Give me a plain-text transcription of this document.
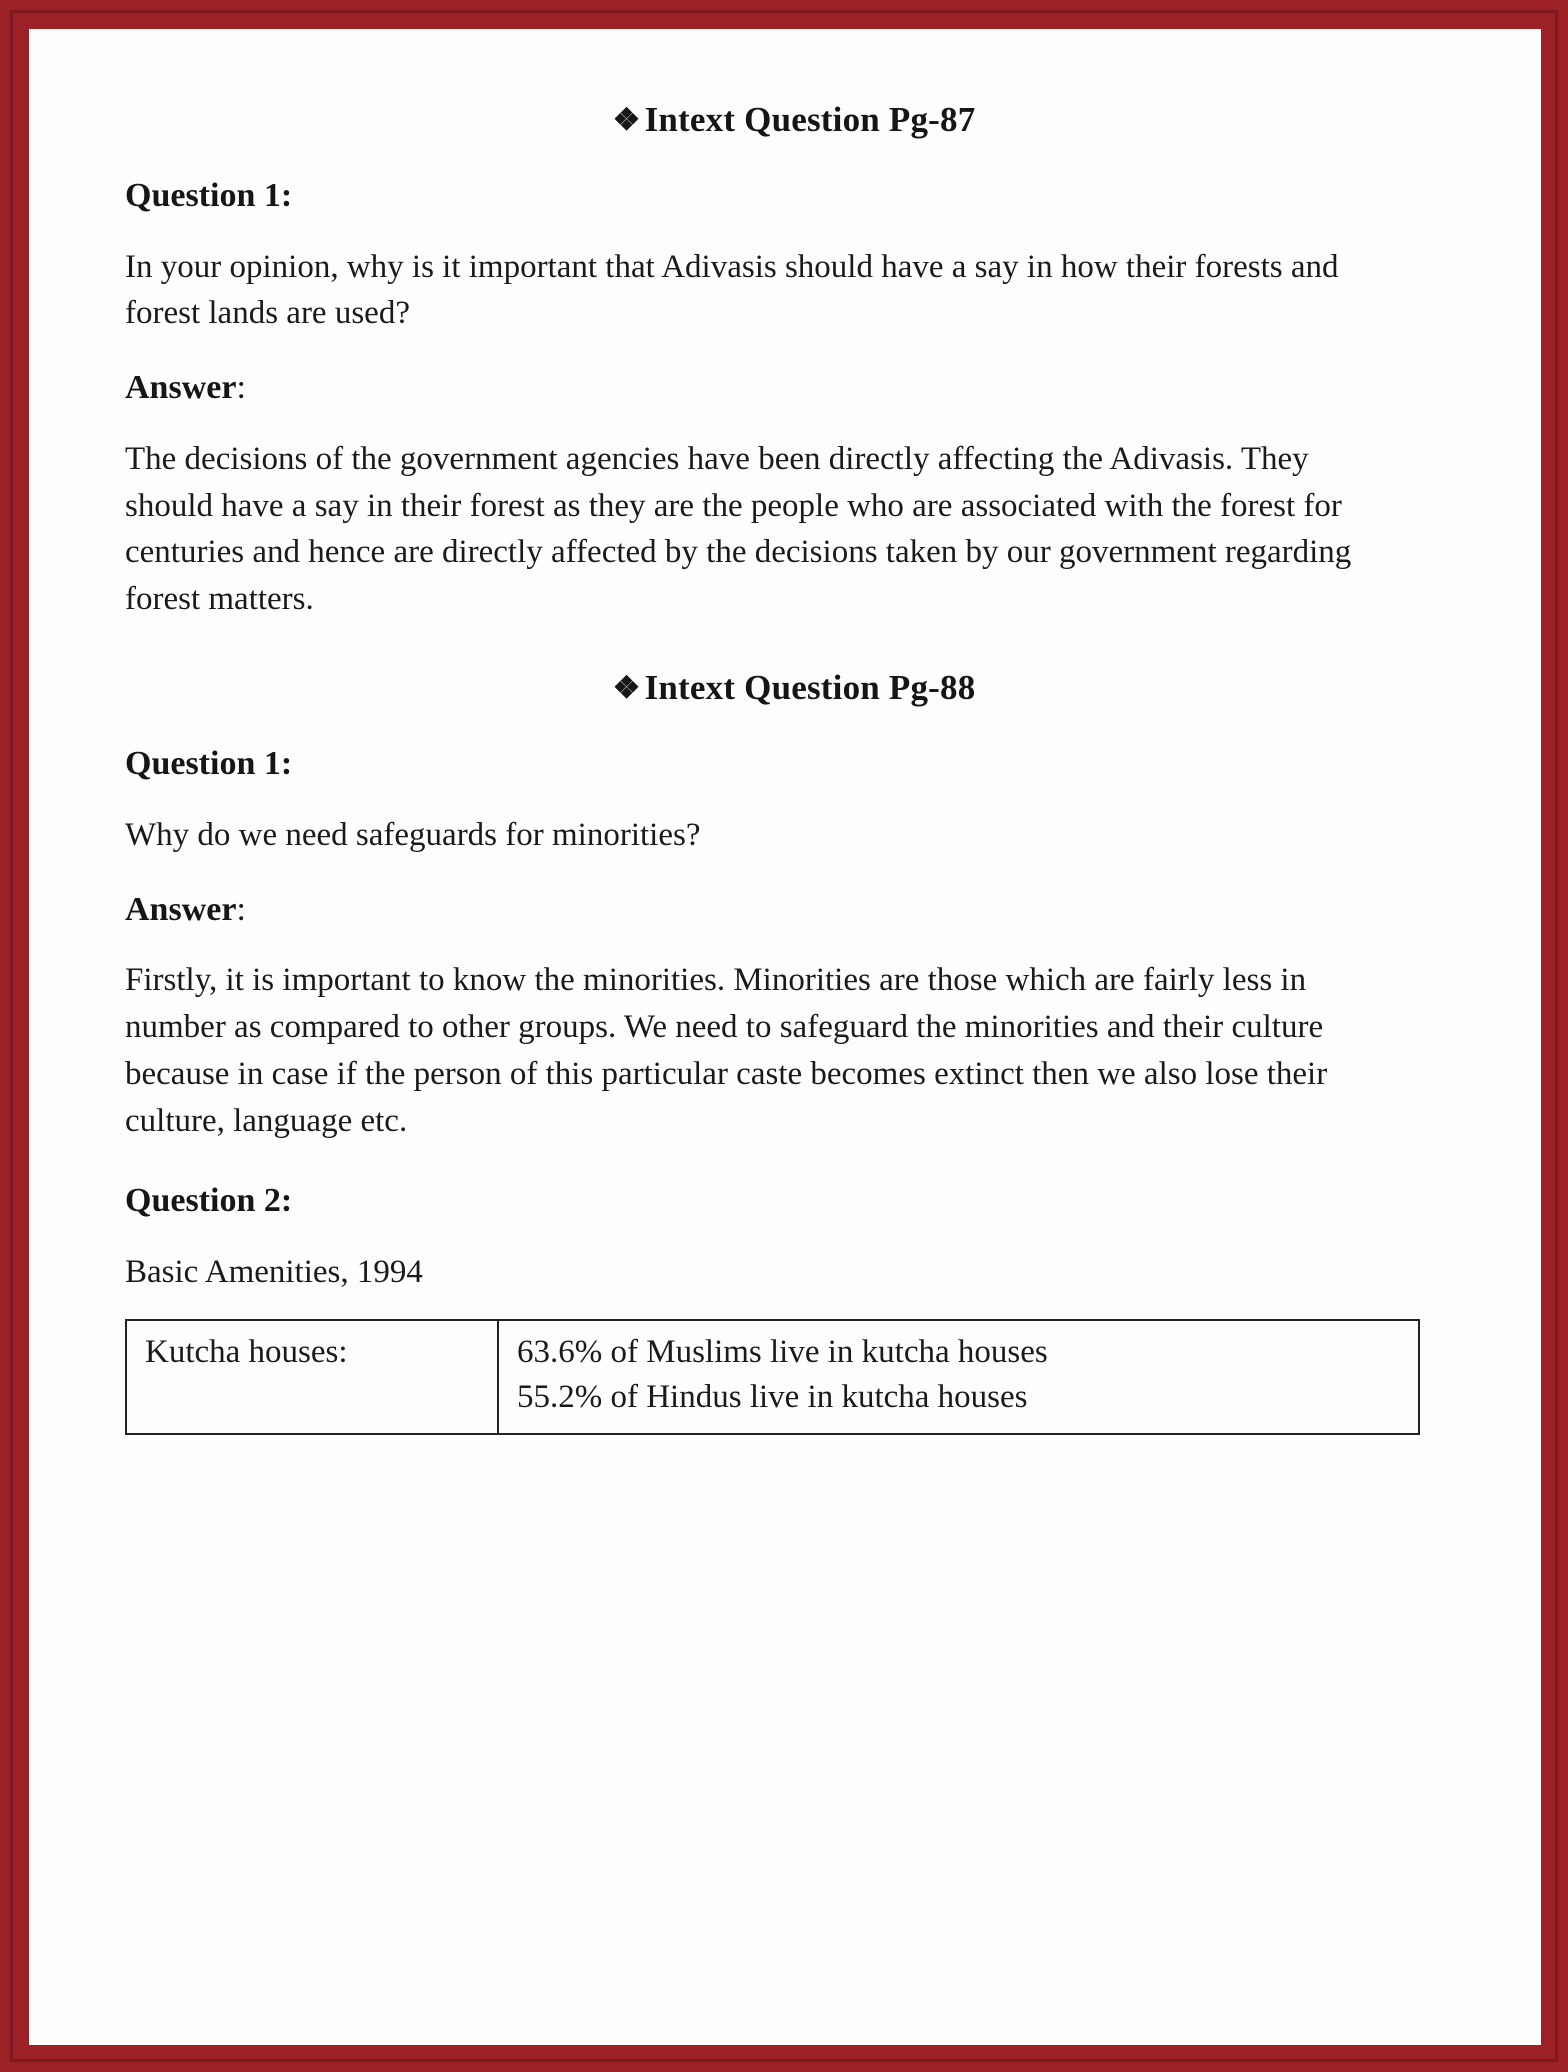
❖ Intext Question Pg-87

Question 1:

In your opinion, why is it important that Adivasis should have a say in how their forests and forest lands are used?

Answer:

The decisions of the government agencies have been directly affecting the Adivasis. They should have a say in their forest as they are the people who are associated with the forest for centuries and hence are directly affected by the decisions taken by our government regarding forest matters.

❖ Intext Question Pg-88

Question 1:

Why do we need safeguards for minorities?

Answer:

Firstly, it is important to know the minorities. Minorities are those which are fairly less in number as compared to other groups. We need to safeguard the minorities and their culture because in case if the person of this particular caste becomes extinct then we also lose their culture, language etc.

Question 2:

Basic Amenities, 1994

Kutcha houses:	63.6% of Muslims live in kutcha houses
55.2% of Hindus live in kutcha houses
